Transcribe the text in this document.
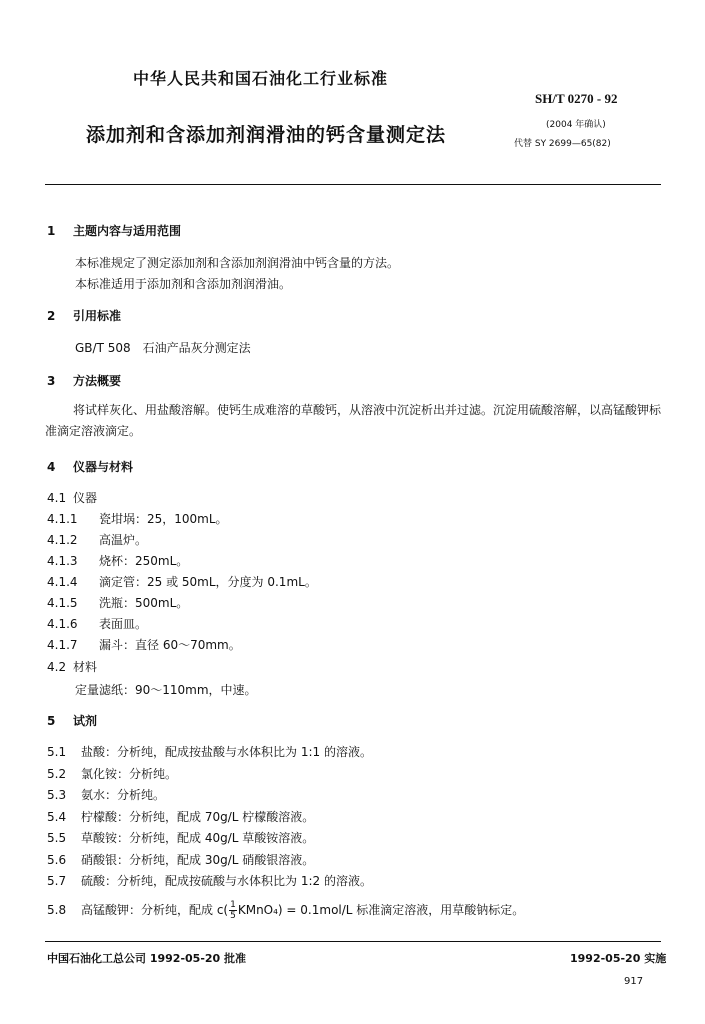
中华人民共和国石油化工行业标准
SH/T 0270 - 92
添加剂和含添加剂润滑油的钙含量测定法	(2004 年确认)
代替 SY 2699—65(82)
1 主题内容与适用范围
本标准规定了测定添加剂和含添加剂润滑油中钙含量的方法。
本标准适用于添加剂和含添加剂润滑油。
2 引用标准
GB/T 508　石油产品灰分测定法
3 方法概要
将试样灰化、用盐酸溶解。使钙生成难溶的草酸钙，从溶液中沉淀析出并过滤。沉淀用硫酸溶解，以高锰酸钾标准滴定溶液滴定。
4 仪器与材料
4.1 仪器
4.1.1 瓷坩埚：25，100mL。
4.1.2 高温炉。
4.1.3 烧杯：250mL。
4.1.4 滴定管：25 或 50mL，分度为 0.1mL。
4.1.5 洗瓶：500mL。
4.1.6 表面皿。
4.1.7 漏斗：直径 60～70mm。
4.2 材料
定量滤纸：90～110mm，中速。
5 试剂
5.1 盐酸：分析纯，配成按盐酸与水体积比为 1:1 的溶液。
5.2 氯化铵：分析纯。
5.3 氨水：分析纯。
5.4 柠檬酸：分析纯，配成 70g/L 柠檬酸溶液。
5.5 草酸铵：分析纯，配成 40g/L 草酸铵溶液。
5.6 硝酸银：分析纯，配成 30g/L 硝酸银溶液。
5.7 硫酸：分析纯，配成按硫酸与水体积比为 1:2 的溶液。
5.8 高锰酸钾：分析纯，配成 $c( \frac{1}{5}$ KMnO₄) = 0.1mol/L 标准滴定溶液，用草酸钠标定。
中国石油化工总公司 1992-05-20 批准	1992-05-20 实施
917
